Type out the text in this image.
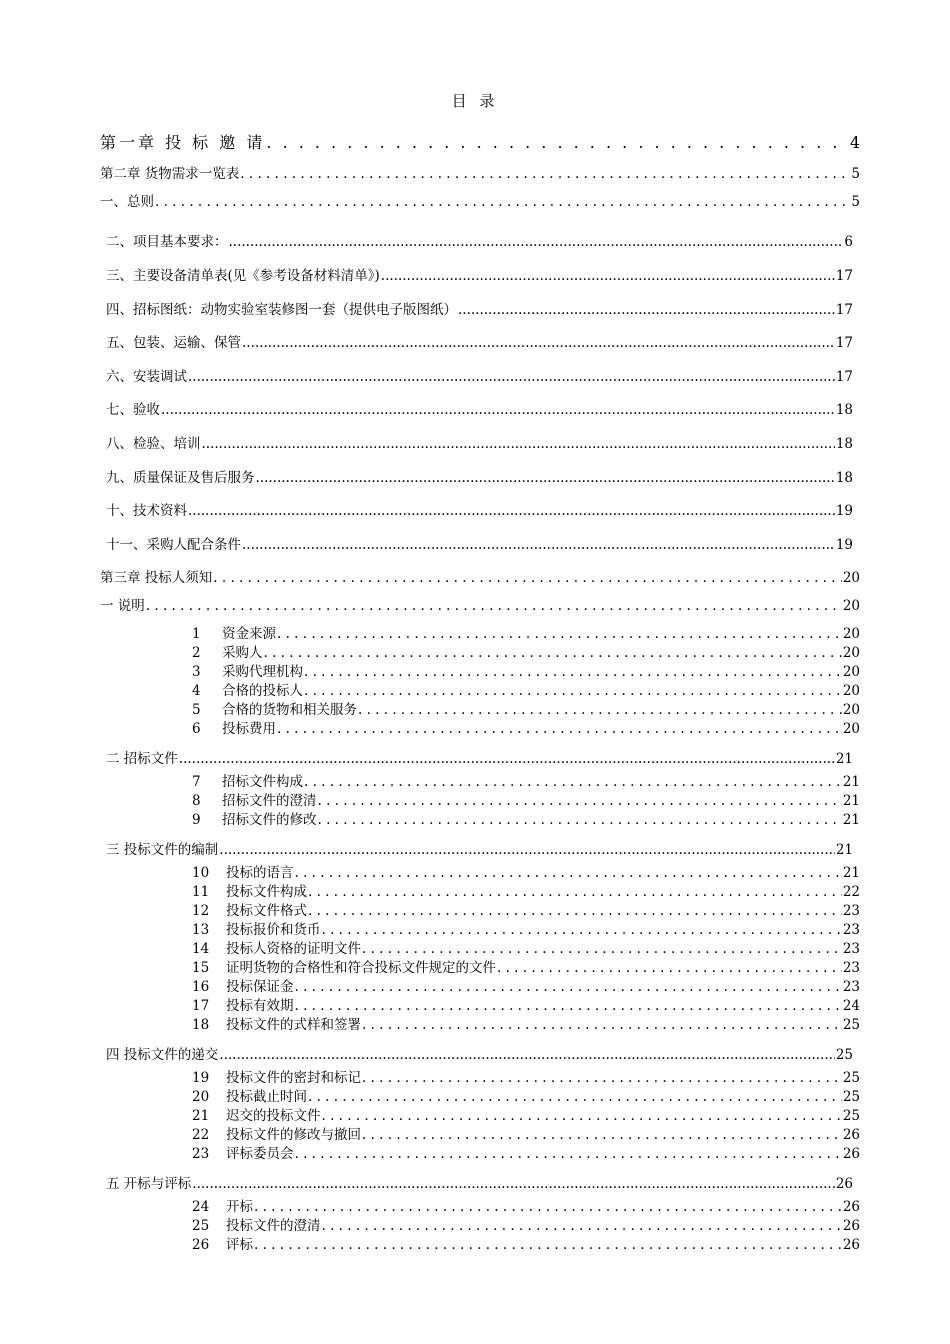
目 录
第一章 投 标 邀 请 . . .	4
第二章 货物需求一览表 . . .	5
一、总则 . . .	5
二、项目基本要求： .....	6
三、主要设备清单表(见《参考设备材料清单》) .....	17
四、招标图纸：动物实验室装修图一套（提供电子版图纸） .....	17
五、包装、运输、保管 .....	17
六、安装调试 .....	17
七、验收 .....	18
八、检验、培训 .....	18
九、质量保证及售后服务 .....	18
十、技术资料 .....	19
十一、采购人配合条件 .....	19
第三章 投标人须知 . . .	20
一 说明 . . .	20
1	资金来源 . . .	20
2	采购人 . . .	20
3	采购代理机构 . . .	20
4	合格的投标人 . . .	20
5	合格的货物和相关服务 . . .	20
6	投标费用 . . .	20
二 招标文件 .....	21
7	招标文件构成 . . .	21
8	招标文件的澄清 . . .	21
9	招标文件的修改 . . .	21
三 投标文件的编制 .....	21
10	投标的语言 . . .	21
11	投标文件构成 . . .	22
12	投标文件格式 . . .	23
13	投标报价和货币 . . .	23
14	投标人资格的证明文件 . . .	23
15	证明货物的合格性和符合投标文件规定的文件 . . .	23
16	投标保证金 . . .	23
17	投标有效期 . . .	24
18	投标文件的式样和签署 . . .	25
四 投标文件的递交 .....	25
19	投标文件的密封和标记 . . .	25
20	投标截止时间 . . .	25
21	迟交的投标文件 . . .	25
22	投标文件的修改与撤回 . . .	26
23	评标委员会 . . .	26
五 开标与评标 .....	26
24	开标 . . .	26
25	投标文件的澄清 . . .	26
26	评标 . . .	26
